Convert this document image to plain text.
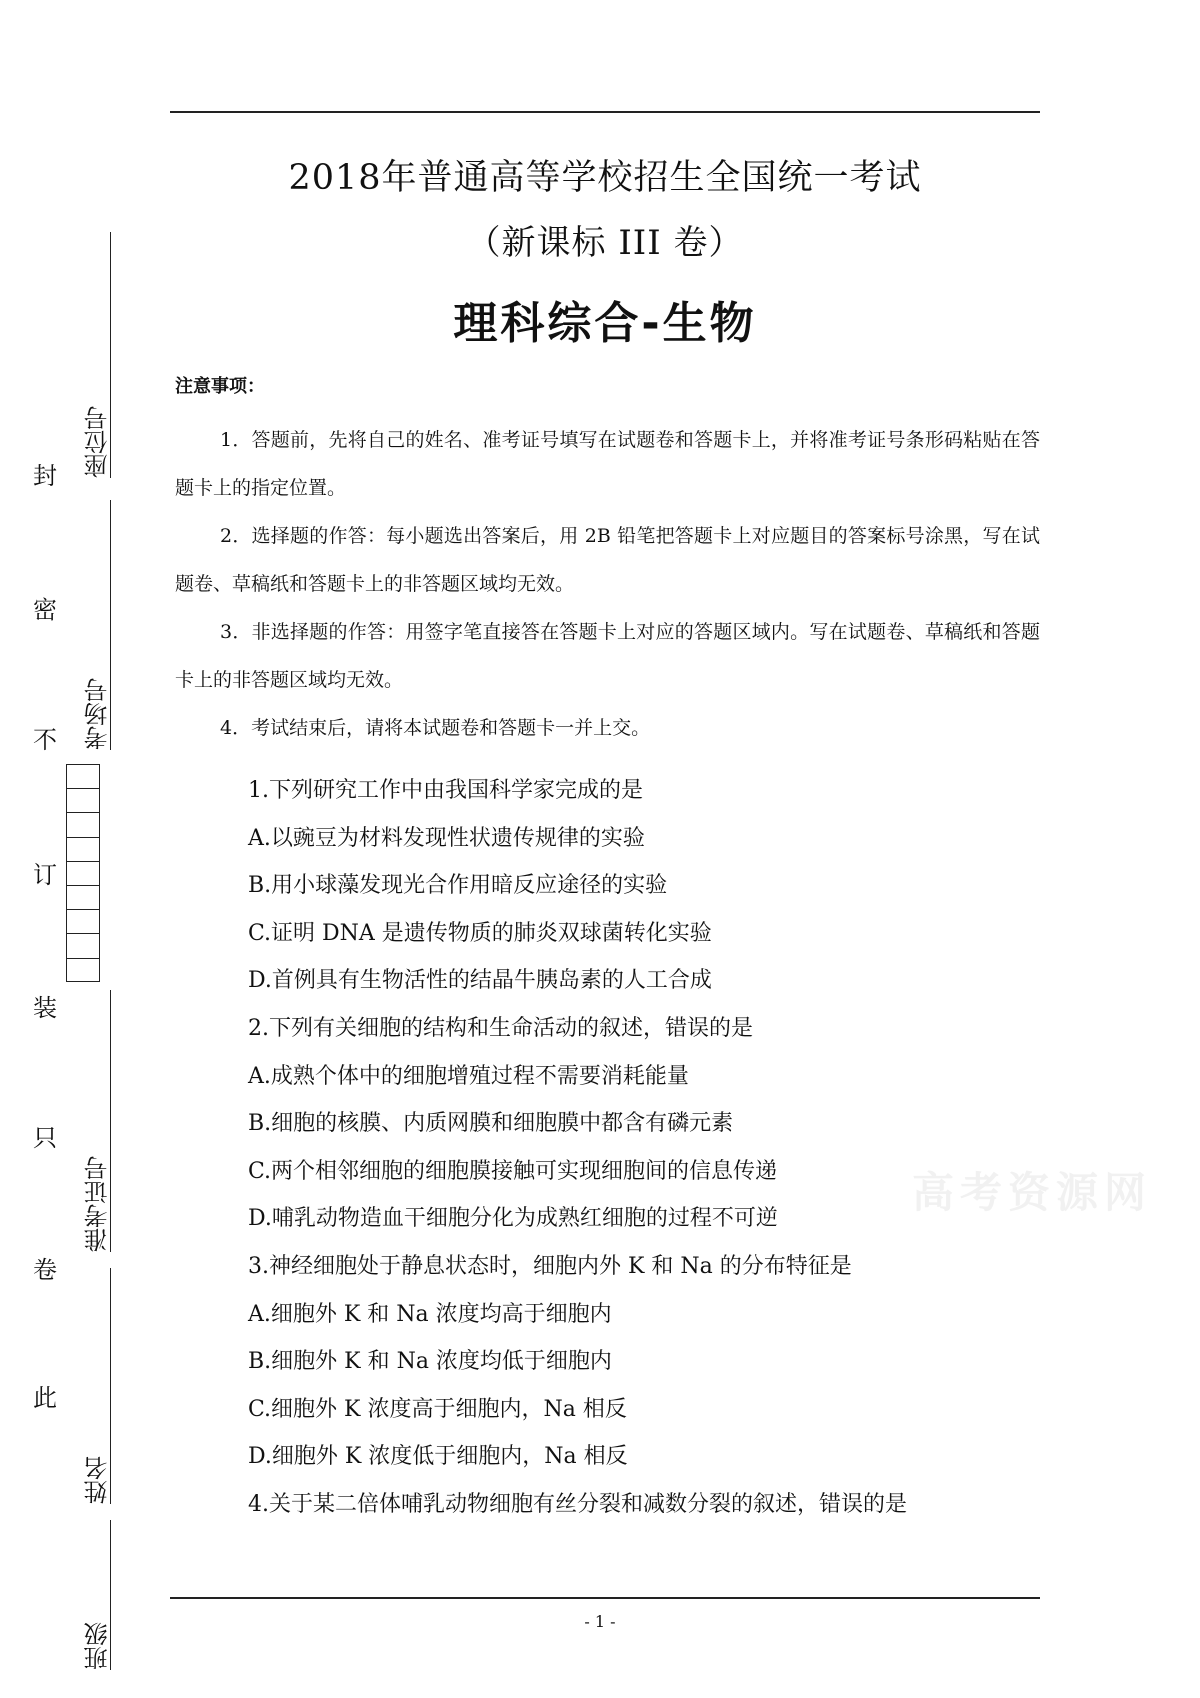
2018年普通高等学校招生全国统一考试
（新课标 III 卷）
理科综合-生物
注意事项：
1．答题前，先将自己的姓名、准考证号填写在试题卷和答题卡上，并将准考证号条形码粘贴在答题卡上的指定位置。
2．选择题的作答：每小题选出答案后，用 2B 铅笔把答题卡上对应题目的答案标号涂黑，写在试题卷、草稿纸和答题卡上的非答题区域均无效。
3．非选择题的作答：用签字笔直接答在答题卡上对应的答题区域内。写在试题卷、草稿纸和答题卡上的非答题区域均无效。
4．考试结束后，请将本试题卷和答题卡一并上交。
1.下列研究工作中由我国科学家完成的是
A.以豌豆为材料发现性状遗传规律的实验
B.用小球藻发现光合作用暗反应途径的实验
C.证明 DNA 是遗传物质的肺炎双球菌转化实验
D.首例具有生物活性的结晶牛胰岛素的人工合成
2.下列有关细胞的结构和生命活动的叙述，错误的是
A.成熟个体中的细胞增殖过程不需要消耗能量
B.细胞的核膜、内质网膜和细胞膜中都含有磷元素
C.两个相邻细胞的细胞膜接触可实现细胞间的信息传递
D.哺乳动物造血干细胞分化为成熟红细胞的过程不可逆
3.神经细胞处于静息状态时，细胞内外 K 和 Na 的分布特征是
A.细胞外 K 和 Na 浓度均高于细胞内
B.细胞外 K 和 Na 浓度均低于细胞内
C.细胞外 K 浓度高于细胞内，Na 相反
D.细胞外 K 浓度低于细胞内，Na 相反
4.关于某二倍体哺乳动物细胞有丝分裂和减数分裂的叙述，错误的是
封
密
不
订
装
只
卷
此
座位号
考场号
准考证号
姓名
班级
高考资源网
- 1 -
